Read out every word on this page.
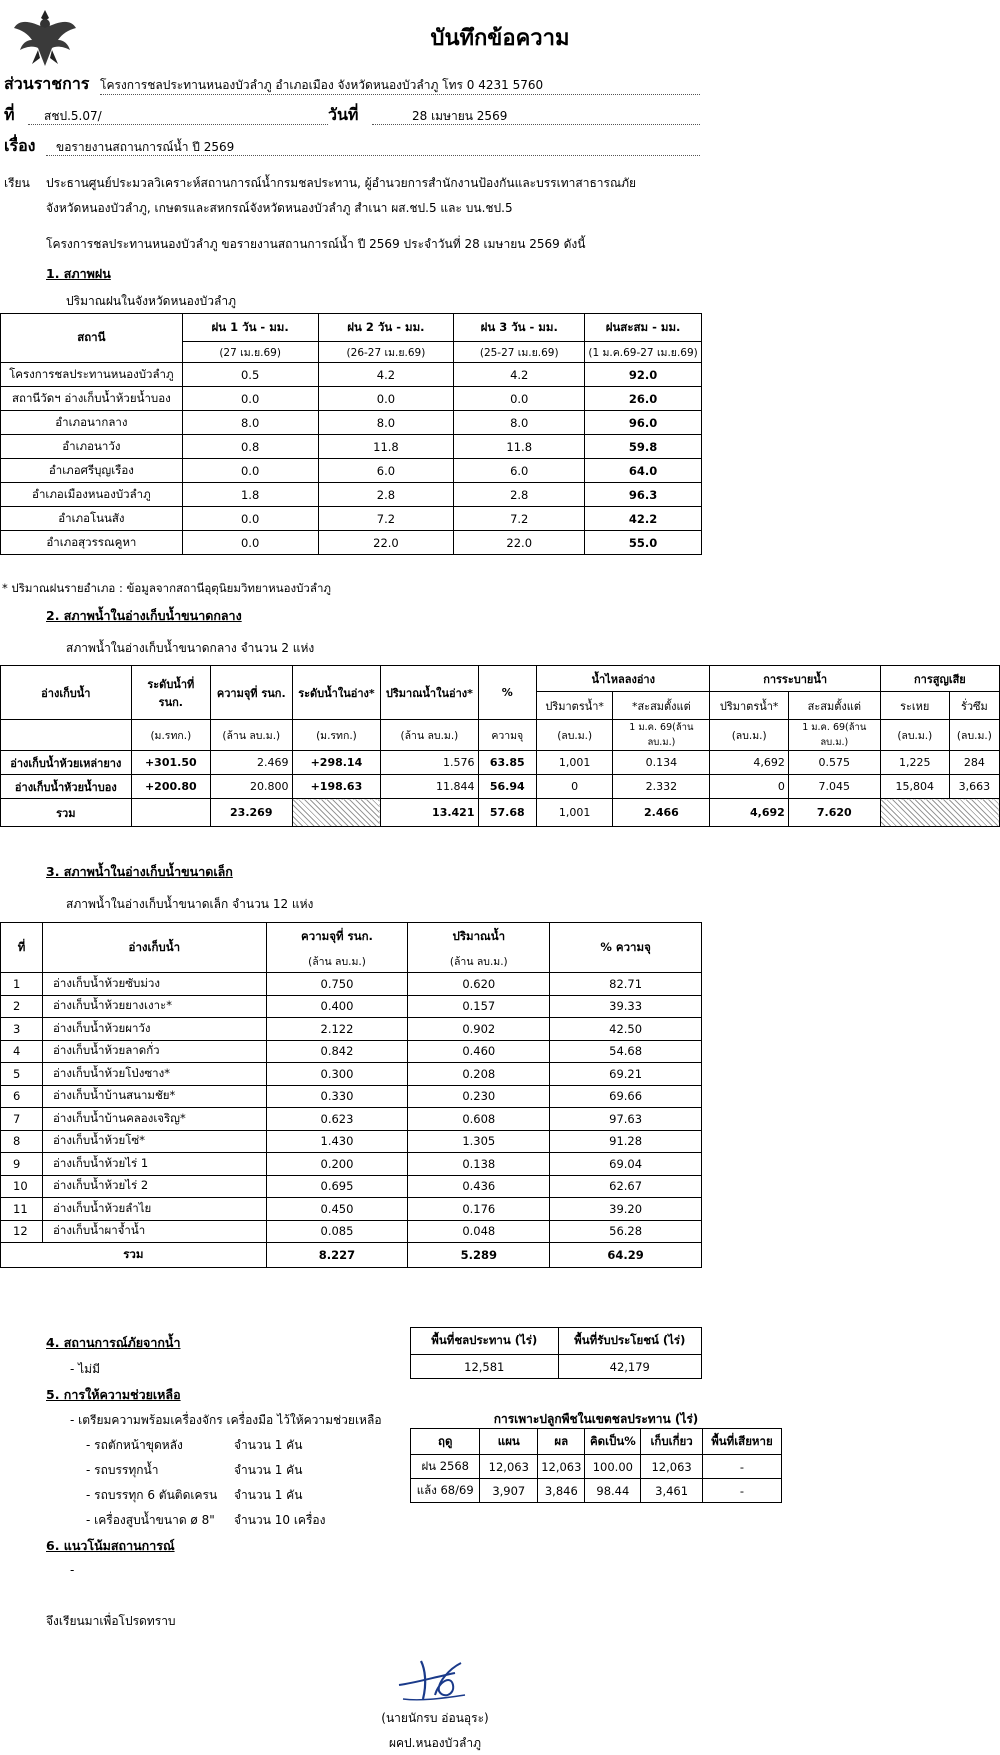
บันทึกข้อความ
ส่วนราชการ โครงการชลประทานหนองบัวลำภู อำเภอเมือง จังหวัดหนองบัวลำภู โทร 0 4231 5760
ที่	สชป.5.07/	วันที่	28 เมษายน 2569
เรื่อง	ขอรายงานสถานการณ์น้ำ ปี 2569
เรียน ประธานศูนย์ประมวลวิเคราะห์สถานการณ์น้ำกรมชลประทาน, ผู้อำนวยการสำนักงานป้องกันและบรรเทาสาธารณภัย
จังหวัดหนองบัวลำภู, เกษตรและสหกรณ์จังหวัดหนองบัวลำภู สำเนา ผส.ชป.5 และ บน.ชป.5
โครงการชลประทานหนองบัวลำภู ขอรายงานสถานการณ์น้ำ ปี 2569 ประจำวันที่ 28 เมษายน 2569 ดังนี้
1. สภาพฝน
ปริมาณฝนในจังหวัดหนองบัวลำภู
สถานี	ฝน 1 วัน - มม.	ฝน 2 วัน - มม.	ฝน 3 วัน - มม.	ฝนสะสม - มม.
	(27 เม.ย.69)	(26-27 เม.ย.69)	(25-27 เม.ย.69)	(1 ม.ค.69-27 เม.ย.69)
โครงการชลประทานหนองบัวลำภู	0.5	4.2	4.2	92.0
สถานีวัดฯ อ่างเก็บน้ำห้วยน้ำบอง	0.0	0.0	0.0	26.0
อำเภอนากลาง	8.0	8.0	8.0	96.0
อำเภอนาวัง	0.8	11.8	11.8	59.8
อำเภอศรีบุญเรือง	0.0	6.0	6.0	64.0
อำเภอเมืองหนองบัวลำภู	1.8	2.8	2.8	96.3
อำเภอโนนสัง	0.0	7.2	7.2	42.2
อำเภอสุวรรณคูหา	0.0	22.0	22.0	55.0
* ปริมาณฝนรายอำเภอ : ข้อมูลจากสถานีอุตุนิยมวิทยาหนองบัวลำภู
2. สภาพน้ำในอ่างเก็บน้ำขนาดกลาง
สภาพน้ำในอ่างเก็บน้ำขนาดกลาง จำนวน 2 แห่ง
อ่างเก็บน้ำ	ระดับน้ำที่ รนก.	ความจุที่ รนก.	ระดับน้ำในอ่าง*	ปริมาณน้ำในอ่าง*	%	น้ำไหลลงอ่าง		การระบายน้ำ		การสูญเสีย	
						ปริมาตรน้ำ*	*สะสมตั้งแต่	ปริมาตรน้ำ*	สะสมตั้งแต่	ระเหย	รั่วซึม
	(ม.รทก.)	(ล้าน ลบ.ม.)	(ม.รทก.)	(ล้าน ลบ.ม.)	ความจุ	(ลบ.ม.)	1 ม.ค. 69(ล้าน ลบ.ม.)	(ลบ.ม.)	1 ม.ค. 69(ล้าน ลบ.ม.)	(ลบ.ม.)	(ลบ.ม.)
อ่างเก็บน้ำห้วยเหล่ายาง	+301.50	2.469	+298.14	1.576	63.85	1,001	0.134	4,692	0.575	1,225	284
อ่างเก็บน้ำห้วยน้ำบอง	+200.80	20.800	+198.63	11.844	56.94	0	2.332	0	7.045	15,804	3,663
รวม		23.269		13.421	57.68	1,001	2.466	4,692	7.620		
3. สภาพน้ำในอ่างเก็บน้ำขนาดเล็ก
สภาพน้ำในอ่างเก็บน้ำขนาดเล็ก จำนวน 12 แห่ง
ที่	อ่างเก็บน้ำ	ความจุที่ รนก.	ปริมาณน้ำ	% ความจุ
		(ล้าน ลบ.ม.)	(ล้าน ลบ.ม.)	
1	อ่างเก็บน้ำห้วยซับม่วง	0.750	0.620	82.71
2	อ่างเก็บน้ำห้วยยางเงาะ*	0.400	0.157	39.33
3	อ่างเก็บน้ำห้วยผาวัง	2.122	0.902	42.50
4	อ่างเก็บน้ำห้วยลาดกั่ว	0.842	0.460	54.68
5	อ่างเก็บน้ำห้วยโป่งซาง*	0.300	0.208	69.21
6	อ่างเก็บน้ำบ้านสนามชัย*	0.330	0.230	69.66
7	อ่างเก็บน้ำบ้านคลองเจริญ*	0.623	0.608	97.63
8	อ่างเก็บน้ำห้วยโซ่*	1.430	1.305	91.28
9	อ่างเก็บน้ำห้วยไร่ 1	0.200	0.138	69.04
10	อ่างเก็บน้ำห้วยไร่ 2	0.695	0.436	62.67
11	อ่างเก็บน้ำห้วยลำไย	0.450	0.176	39.20
12	อ่างเก็บน้ำผาจ้ำน้ำ	0.085	0.048	56.28
รวม		8.227	5.289	64.29
4. สถานการณ์ภัยจากน้ำ
- ไม่มี
พื้นที่ชลประทาน (ไร่)	พื้นที่รับประโยชน์ (ไร่)
12,581	42,179
5. การให้ความช่วยเหลือ
- เตรียมความพร้อมเครื่องจักร เครื่องมือ ไว้ให้ความช่วยเหลือ
- รถตักหน้าขุดหลัง	จำนวน 1 คัน
- รถบรรทุกน้ำ	จำนวน 1 คัน
- รถบรรทุก 6 ตันติดเครน จำนวน 1 คัน
- เครื่องสูบน้ำขนาด ø 8" จำนวน 10 เครื่อง
การเพาะปลูกพืชในเขตชลประทาน (ไร่)
ฤดู	แผน	ผล	คิดเป็น%	เก็บเกี่ยว	พื้นที่เสียหาย
ฝน 2568	12,063	12,063	100.00	12,063	-
แล้ง 68/69	3,907	3,846	98.44	3,461	-
6. แนวโน้มสถานการณ์
-
จึงเรียนมาเพื่อโปรดทราบ
(นายนักรบ อ่อนอุระ)
ผคป.หนองบัวลำภู
